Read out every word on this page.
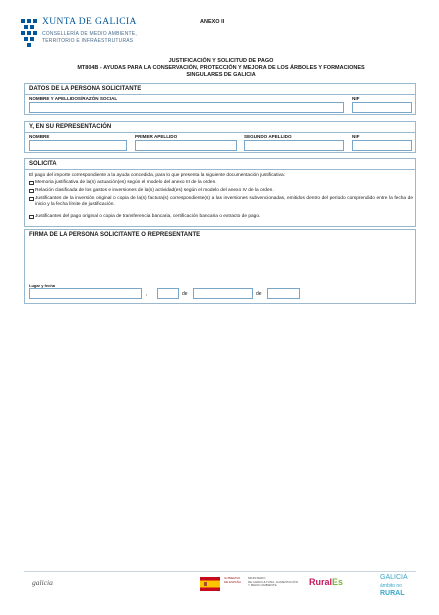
XUNTA DE GALICIA
CONSELLERÍA DE MEDIO AMBIENTE,
TERRITORIO E INFRAESTRUTURAS
ANEXO II
JUSTIFICACIÓN Y SOLICITUD DE PAGO
MT804B - AYUDAS PARA LA CONSERVACIÓN, PROTECCIÓN Y MEJORA DE LOS ÁRBOLES Y FORMACIONES
SINGULARES DE GALICIA
DATOS DE LA PERSONA SOLICITANTE
NOMBRE Y APELLIDOS/RAZÓN SOCIAL	NIF
Y, EN SU REPRESENTACIÓN
NOMBRE	PRIMER APELLIDO	SEGUNDO APELLIDO	NIF
SOLICITA
El pago del importe correspondiente a la ayuda concedida, para lo que presenta la siguiente documentación justificativa:
Memoria justificativa de la(s) actuación(es) según el modelo del anexo III de la orden.
Relación clasificada de los gastos e inversiones de la(s) actividad(es) según el modelo del anexo IV de la orden.
Justificantes de la inversión original o copia de la(s) factura(s) correspondiente(s) a las inversiones subvencionadas, emitidos dentro del periodo comprendido entre la fecha de inicio y la fecha límite de justificación.
Justificantes del pago original o copia de transferencia bancaria, certificación bancaria o extracto de pago.
FIRMA DE LA PERSONA SOLICITANTE O REPRESENTANTE
Lugar y fecha
,	de	de
galicia	GOBIERNO
DE ESPAÑA
MINISTERIO
DE AGRICULTURA, ALIMENTACIÓN
Y MEDIO AMBIENTE	RuralEs	GALICIA
ámbito no
RURAL
